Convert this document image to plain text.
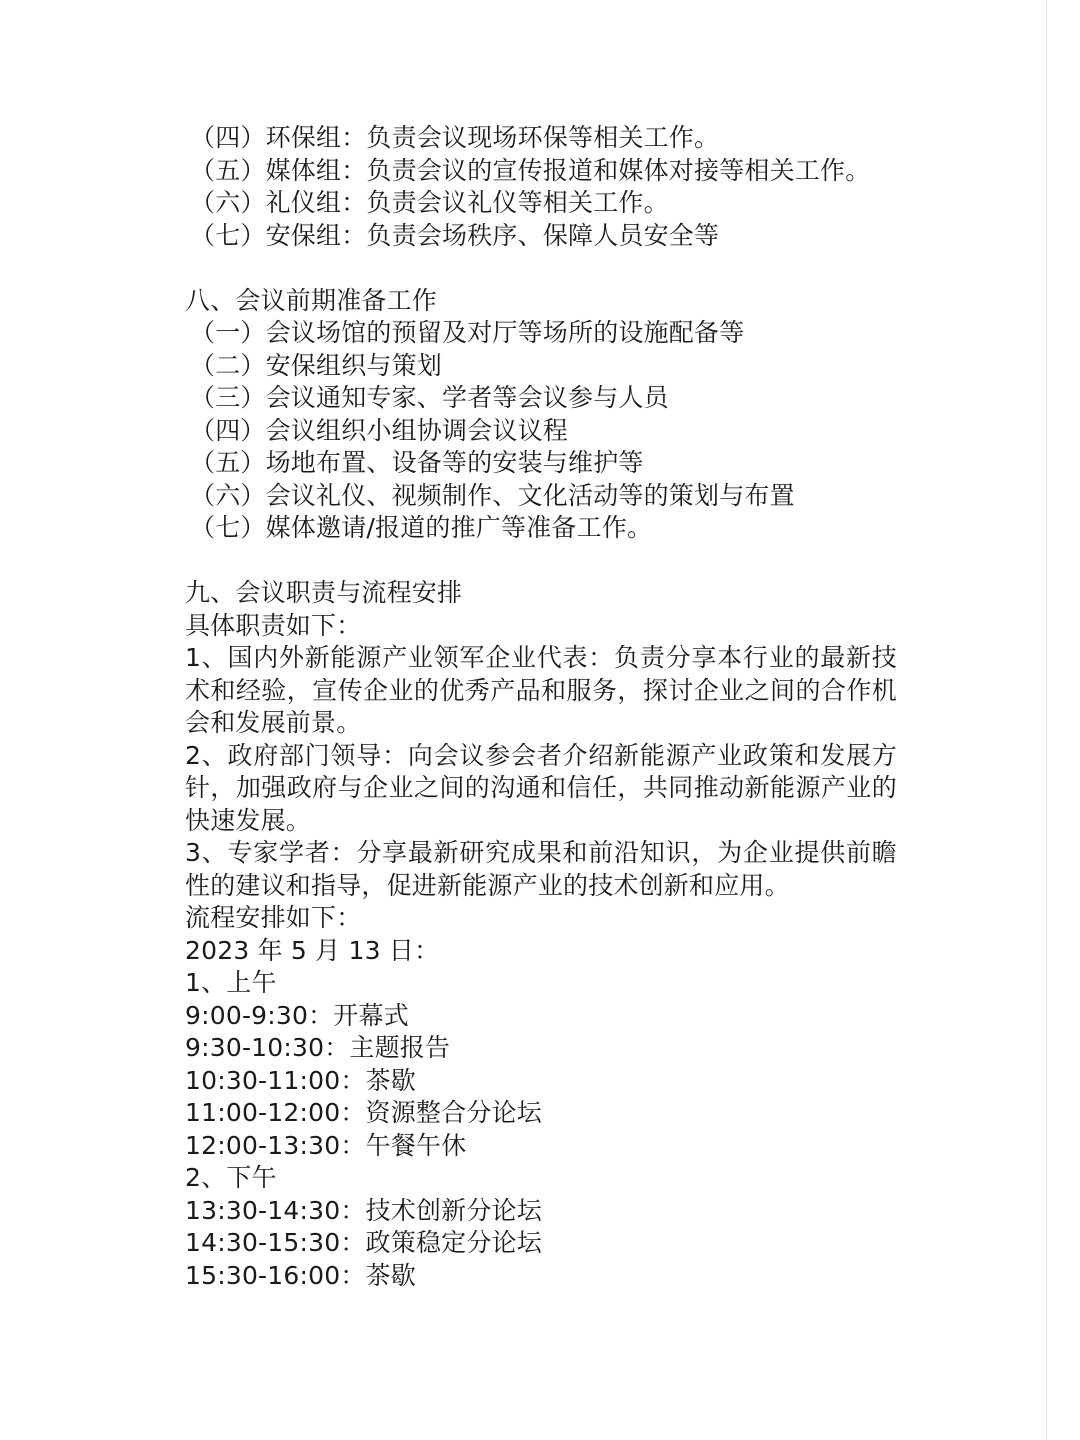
（四）环保组：负责会议现场环保等相关工作。
（五）媒体组：负责会议的宣传报道和媒体对接等相关工作。
（六）礼仪组：负责会议礼仪等相关工作。
（七）安保组：负责会场秩序、保障人员安全等
八、会议前期准备工作
（一）会议场馆的预留及对厅等场所的设施配备等
（二）安保组织与策划
（三）会议通知专家、学者等会议参与人员
（四）会议组织小组协调会议议程
（五）场地布置、设备等的安装与维护等
（六）会议礼仪、视频制作、文化活动等的策划与布置
（七）媒体邀请/报道的推广等准备工作。
九、会议职责与流程安排
具体职责如下：
1、国内外新能源产业领军企业代表：负责分享本行业的最新技术和经验，宣传企业的优秀产品和服务，探讨企业之间的合作机会和发展前景。
2、政府部门领导：向会议参会者介绍新能源产业政策和发展方针，加强政府与企业之间的沟通和信任，共同推动新能源产业的快速发展。
3、专家学者：分享最新研究成果和前沿知识，为企业提供前瞻性的建议和指导，促进新能源产业的技术创新和应用。
流程安排如下：
2023 年 5 月 13 日：
1、上午
9:00-9:30：开幕式
9:30-10:30：主题报告
10:30-11:00：茶歇
11:00-12:00：资源整合分论坛
12:00-13:30：午餐午休
2、下午
13:30-14:30：技术创新分论坛
14:30-15:30：政策稳定分论坛
15:30-16:00：茶歇
